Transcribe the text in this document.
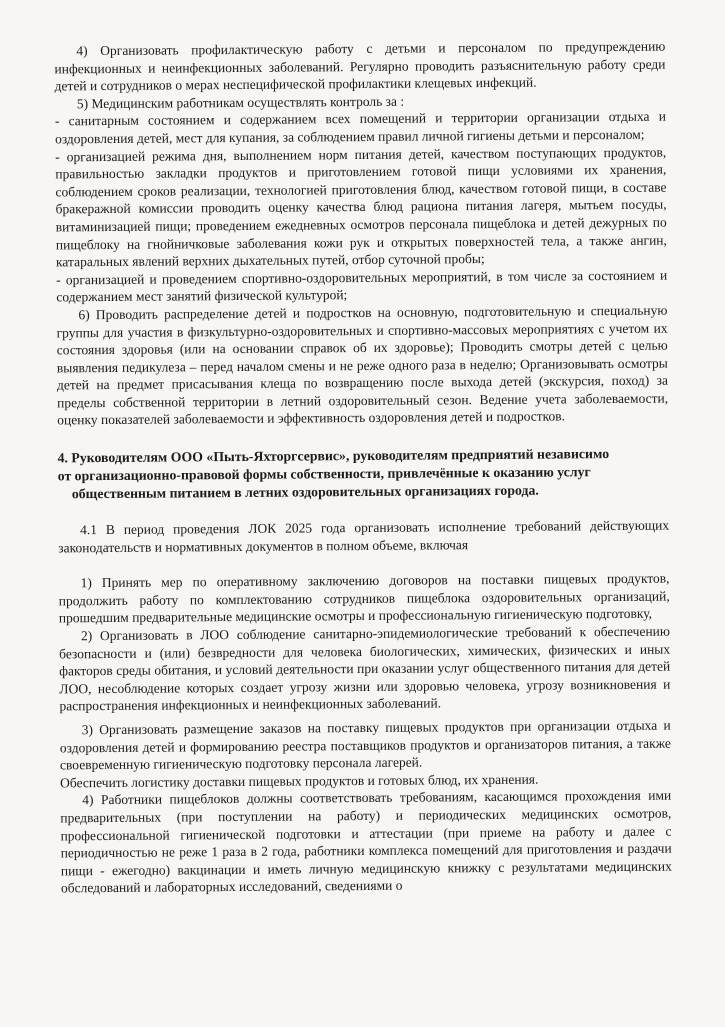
4) Организовать профилактическую работу с детьми и персоналом по предупреждению инфекционных и неинфекционных заболеваний. Регулярно проводить разъяснительную работу среди детей и сотрудников о мерах неспецифической профилактики клещевых инфекций.

5) Медицинским работникам осуществлять контроль за :

- санитарным состоянием и содержанием всех помещений и территории организации отдыха и оздоровления детей, мест для купания, за соблюдением правил личной гигиены детьми и персоналом;

- организацией режима дня, выполнением норм питания детей, качеством поступающих продуктов, правильностью закладки продуктов и приготовлением готовой пищи условиями их хранения, соблюдением сроков реализации, технологией приготовления блюд, качеством готовой пищи, в составе бракеражной комиссии проводить оценку качества блюд рациона питания лагеря, мытьем посуды, витаминизацией пищи; проведением ежедневных осмотров персонала пищеблока и детей дежурных по пищеблоку на гнойничковые заболевания кожи рук и открытых поверхностей тела, а также ангин, катаральных явлений верхних дыхательных путей, отбор суточной пробы;

- организацией и проведением спортивно-оздоровительных мероприятий, в том числе за состоянием и содержанием мест занятий физической культурой;

6) Проводить распределение детей и подростков на основную, подготовительную и специальную группы для участия в физкультурно-оздоровительных и спортивно-массовых мероприятиях с учетом их состояния здоровья (или на основании справок об их здоровье); Проводить смотры детей с целью выявления педикулеза – перед началом смены и не реже одного раза в неделю; Организовывать осмотры детей на предмет присасывания клеща по возвращению после выхода детей (экскурсия, поход) за пределы собственной территории в летний оздоровительный сезон. Ведение учета заболеваемости, оценку показателей заболеваемости и эффективность оздоровления детей и подростков.

4. Руководителям ООО «Пыть-Яхторгсервис», руководителям предприятий независимо
от организационно-правовой формы собственности, привлечённые к оказанию услуг
общественным питанием в летних оздоровительных организациях города.

4.1 В период проведения ЛОК 2025 года организовать исполнение требований действующих законодательств и нормативных документов в полном объеме, включая

1) Принять мер по оперативному заключению договоров на поставки пищевых продуктов, продолжить работу по комплектованию сотрудников пищеблока оздоровительных организаций, прошедшим предварительные медицинские осмотры и профессиональную гигиеническую подготовку,

2) Организовать в ЛОО соблюдение санитарно-эпидемиологические требований к обеспечению безопасности и (или) безвредности для человека биологических, химических, физических и иных факторов среды обитания, и условий деятельности при оказании услуг общественного питания для детей ЛОО, несоблюдение которых создает угрозу жизни или здоровью человека, угрозу возникновения и распространения инфекционных и неинфекционных заболеваний.

3) Организовать размещение заказов на поставку пищевых продуктов при организации отдыха и оздоровления детей и формированию реестра поставщиков продуктов и организаторов питания, а также своевременную гигиеническую подготовку персонала лагерей.

Обеспечить логистику доставки пищевых продуктов и готовых блюд, их хранения.

4) Работники пищеблоков должны соответствовать требованиям, касающимся прохождения ими предварительных (при поступлении на работу) и периодических медицинских осмотров, профессиональной гигиенической подготовки и аттестации (при приеме на работу и далее с периодичностью не реже 1 раза в 2 года, работники комплекса помещений для приготовления и раздачи пищи - ежегодно) вакцинации и иметь личную медицинскую книжку с результатами медицинских обследований и лабораторных исследований, сведениями о
